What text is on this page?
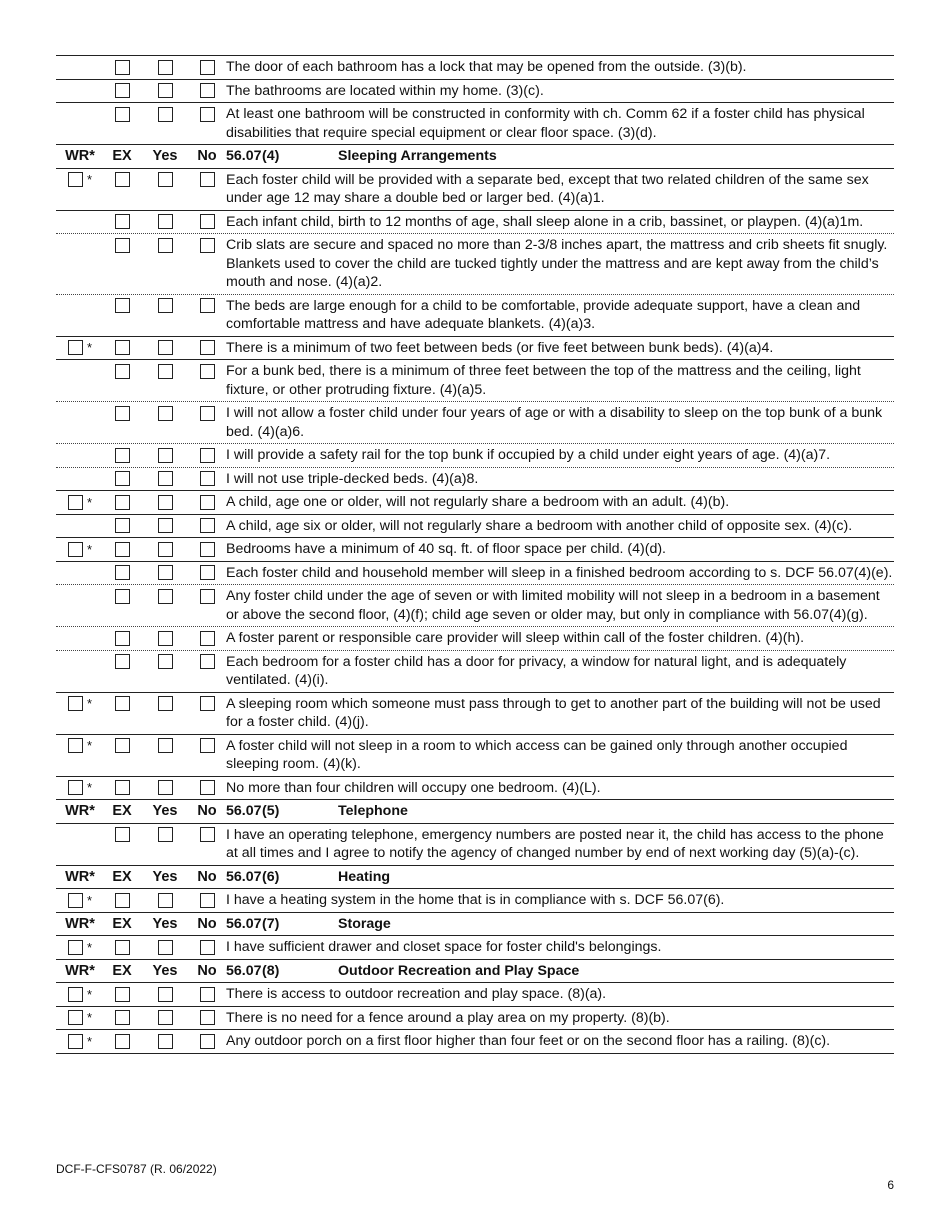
The door of each bathroom has a lock that may be opened from the outside. (3)(b).
The bathrooms are located within my home. (3)(c).
At least one bathroom will be constructed in conformity with ch. Comm 62 if a foster child has physical disabilities that require special equipment or clear floor space. (3)(d).
WR*	EX	Yes	No 56.07 (4)	Sleeping Arrangements
*	Each foster child will be provided with a separate bed, except that two related children of the same sex under age 12 may share a double bed or larger bed. (4)(a)1.
Each infant child, birth to 12 months of age, shall sleep alone in a crib, bassinet, or playpen. (4)(a)1m.
Crib slats are secure and spaced no more than 2-3/8 inches apart, the mattress and crib sheets fit snugly. Blankets used to cover the child are tucked tightly under the mattress and are kept away from the child’s mouth and nose. (4)(a)2.
The beds are large enough for a child to be comfortable, provide adequate support, have a clean and comfortable mattress and have adequate blankets. (4)(a)3.
*	There is a minimum of two feet between beds (or five feet between bunk beds). (4)(a)4.
For a bunk bed, there is a minimum of three feet between the top of the mattress and the ceiling, light fixture, or other protruding fixture. (4)(a)5.
I will not allow a foster child under four years of age or with a disability to sleep on the top bunk of a bunk bed. (4)(a)6.
I will provide a safety rail for the top bunk if occupied by a child under eight years of age. (4)(a)7.
I will not use triple-decked beds. (4)(a)8.
*	A child, age one or older, will not regularly share a bedroom with an adult. (4)(b).
A child, age six or older, will not regularly share a bedroom with another child of opposite sex. (4)(c).
*	Bedrooms have a minimum of 40 sq. ft. of floor space per child. (4)(d).
Each foster child and household member will sleep in a finished bedroom according to s. DCF 56.07(4)(e).
Any foster child under the age of seven or with limited mobility will not sleep in a bedroom in a basement or above the second floor, (4)(f); child age seven or older may, but only in compliance with 56.07(4)(g).
A foster parent or responsible care provider will sleep within call of the foster children. (4)(h).
Each bedroom for a foster child has a door for privacy, a window for natural light, and is adequately ventilated. (4)(i).
*	A sleeping room which someone must pass through to get to another part of the building will not be used for a foster child. (4)(j).
*	A foster child will not sleep in a room to which access can be gained only through another occupied sleeping room. (4)(k).
*	No more than four children will occupy one bedroom. (4)(L).
WR*	EX	Yes	No 56.07 (5)	Telephone
I have an operating telephone, emergency numbers are posted near it, the child has access to the phone at all times and I agree to notify the agency of changed number by end of next working day (5)(a)-(c).
WR*	EX	Yes	No 56.07 (6)	Heating
*	I have a heating system in the home that is in compliance with s. DCF 56.07(6).
WR*	EX	Yes	No 56.07 (7)	Storage
*	I have sufficient drawer and closet space for foster child's belongings.
WR*	EX	Yes	No 56.07 (8)	Outdoor Recreation and Play Space
*	There is access to outdoor recreation and play space. (8)(a).
*	There is no need for a fence around a play area on my property. (8)(b).
*	Any outdoor porch on a first floor higher than four feet or on the second floor has a railing. (8)(c).
DCF-F-CFS0787 (R. 06/2022)
6
